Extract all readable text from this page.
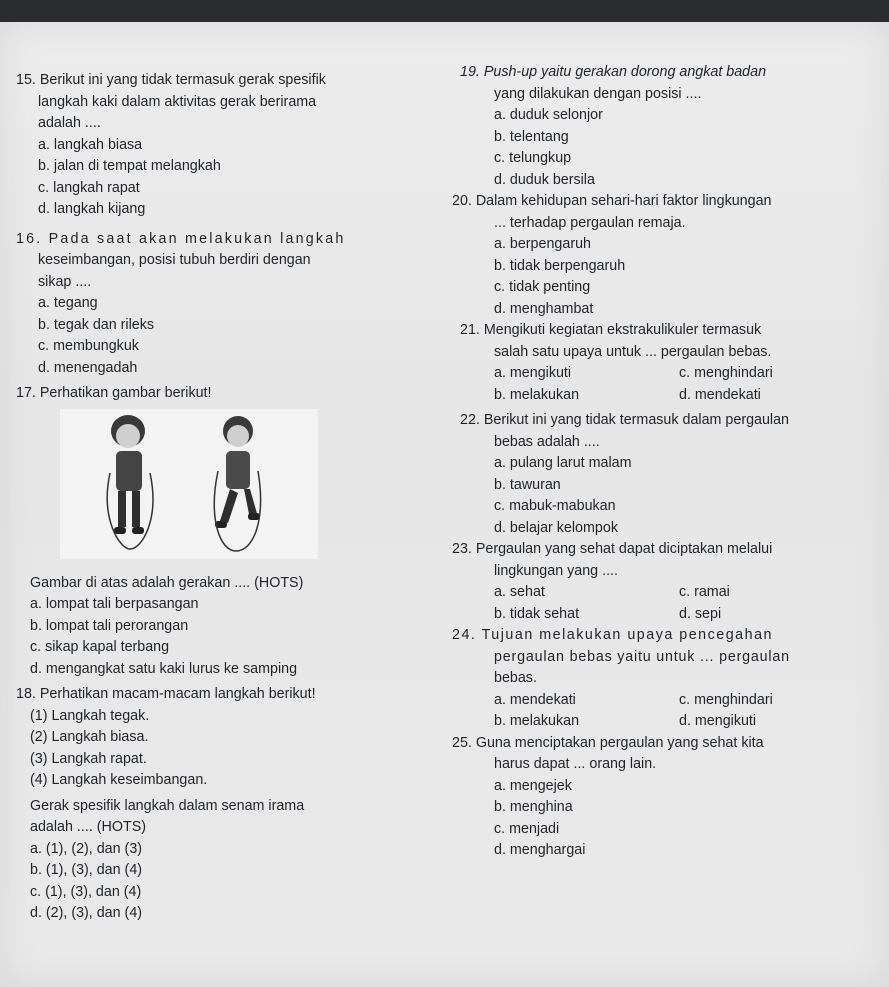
15. Berikut ini yang tidak termasuk gerak spesifik
langkah kaki dalam aktivitas gerak berirama
adalah ....
a. langkah biasa
b. jalan di tempat melangkah
c. langkah rapat
d. langkah kijang
16. Pada saat akan melakukan langkah
keseimbangan, posisi tubuh berdiri dengan
sikap ....
a. tegang
b. tegak dan rileks
c. membungkuk
d. menengadah
17. Perhatikan gambar berikut!
Gambar di atas adalah gerakan .... (HOTS)
a. lompat tali berpasangan
b. lompat tali perorangan
c. sikap kapal terbang
d. mengangkat satu kaki lurus ke samping
18. Perhatikan macam-macam langkah berikut!
(1) Langkah tegak.
(2) Langkah biasa.
(3) Langkah rapat.
(4) Langkah keseimbangan.
Gerak spesifik langkah dalam senam irama
adalah .... (HOTS)
a. (1), (2), dan (3)
b. (1), (3), dan (4)
c. (1), (3), dan (4)
d. (2), (3), dan (4)
19. Push-up yaitu gerakan dorong angkat badan
yang dilakukan dengan posisi ....
a. duduk selonjor
b. telentang
c. telungkup
d. duduk bersila
20. Dalam kehidupan sehari-hari faktor lingkungan
... terhadap pergaulan remaja.
a. berpengaruh
b. tidak berpengaruh
c. tidak penting
d. menghambat
21. Mengikuti kegiatan ekstrakulikuler termasuk
salah satu upaya untuk ... pergaulan bebas.
a. mengikuti	c. menghindari
b. melakukan	d. mendekati
22. Berikut ini yang tidak termasuk dalam pergaulan
bebas adalah ....
a. pulang larut malam
b. tawuran
c. mabuk-mabukan
d. belajar kelompok
23. Pergaulan yang sehat dapat diciptakan melalui
lingkungan yang ....
a. sehat	c. ramai
b. tidak sehat	d. sepi
24. Tujuan melakukan upaya pencegahan
pergaulan bebas yaitu untuk ... pergaulan
bebas.
a. mendekati	c. menghindari
b. melakukan	d. mengikuti
25. Guna menciptakan pergaulan yang sehat kita
harus dapat ... orang lain.
a. mengejek
b. menghina
c. menjadi
d. menghargai
